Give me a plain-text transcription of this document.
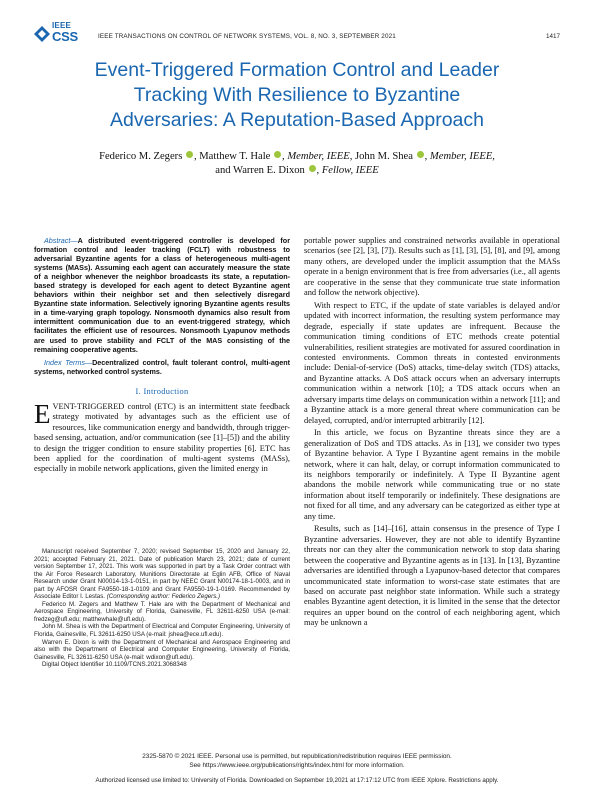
IEEE
CSS	IEEE TRANSACTIONS ON CONTROL OF NETWORK SYSTEMS, VOL. 8, NO. 3, SEPTEMBER 2021	1417
Event-Triggered Formation Control and Leader
Tracking With Resilience to Byzantine
Adversaries: A Reputation-Based Approach
Federico M. Zegers , Matthew T. Hale , Member, IEEE, John M. Shea , Member, IEEE,
and Warren E. Dixon , Fellow, IEEE

Abstract—A distributed event-triggered controller is developed for formation control and leader tracking (FCLT) with robustness to adversarial Byzantine agents for a class of heterogeneous multi-agent systems (MASs). Assuming each agent can accurately measure the state of a neighbor whenever the neighbor broadcasts its state, a reputation-based strategy is developed for each agent to detect Byzantine agent behaviors within their neighbor set and then selectively disregard Byzantine state information. Selectively ignoring Byzantine agents results in a time-varying graph topology. Nonsmooth dynamics also result from intermittent communication due to an event-triggered strategy, which facilitates the efficient use of resources. Nonsmooth Lyapunov methods are used to prove stability and FCLT of the MAS consisting of the remaining cooperative agents.

Index Terms—Decentralized control, fault tolerant control, multi-agent systems, networked control systems.

I. Introduction

EVENT-TRIGGERED control (ETC) is an intermittent state feedback strategy motivated by advantages such as the efficient use of resources, like communication energy and bandwidth, through trigger-based sensing, actuation, and/or communication (see [1]–[5]) and the ability to design the trigger condition to ensure stability properties [6]. ETC has been applied for the coordination of multi-agent systems (MASs), especially in mobile network applications, given the limited energy in

Manuscript received September 7, 2020; revised September 15, 2020 and January 22, 2021; accepted February 21, 2021. Date of publication March 23, 2021; date of current version September 17, 2021. This work was supported in part by a Task Order contract with the Air Force Research Laboratory, Munitions Directorate at Eglin AFB, Office of Naval Research under Grant N00014-13-1-0151, in part by NEEC Grant N00174-18-1-0003, and in part by AFOSR Grant FA9550-18-1-0109 and Grant FA9550-19-1-0169. Recommended by Associate Editor I. Lestas. (Corresponding author: Federico Zegers.)

Federico M. Zegers and Matthew T. Hale are with the Department of Mechanical and Aerospace Engineering, University of Florida, Gainesville, FL 32611-6250 USA (e-mail: fredzeg@ufl.edu; matthewhale@ufl.edu).

John M. Shea is with the Department of Electrical and Computer Engineering, University of Florida, Gainesville, FL 32611-6250 USA (e-mail: jshea@ece.ufl.edu).

Warren E. Dixon is with the Department of Mechanical and Aerospace Engineering and also with the Department of Electrical and Computer Engineering, University of Florida, Gainesville, FL 32611-6250 USA (e-mail: wdixon@ufl.edu).

Digital Object Identifier 10.1109/TCNS.2021.3068348

portable power supplies and constrained networks available in operational scenarios (see [2], [3], [7]). Results such as [1], [3], [5], [8], and [9], among many others, are developed under the implicit assumption that the MASs operate in a benign environment that is free from adversaries (i.e., all agents are cooperative in the sense that they communicate true state information and follow the network objective).

With respect to ETC, if the update of state variables is delayed and/or updated with incorrect information, the resulting system performance may degrade, especially if state updates are infrequent. Because the communication timing conditions of ETC methods create potential vulnerabilities, resilient strategies are motivated for assured coordination in contested environments. Common threats in contested environments include: Denial-of-service (DoS) attacks, time-delay switch (TDS) attacks, and Byzantine attacks. A DoS attack occurs when an adversary interrupts communication within a network [10]; a TDS attack occurs when an adversary imparts time delays on communication within a network [11]; and a Byzantine attack is a more general threat where communication can be delayed, corrupted, and/or interrupted arbitrarily [12].

In this article, we focus on Byzantine threats since they are a generalization of DoS and TDS attacks. As in [13], we consider two types of Byzantine behavior. A Type I Byzantine agent remains in the mobile network, where it can halt, delay, or corrupt information communicated to its neighbors temporarily or indefinitely. A Type II Byzantine agent abandons the mobile network while communicating true or no state information about itself temporarily or indefinitely. These designations are not fixed for all time, and any adversary can be categorized as either type at any time.

Results, such as [14]–[16], attain consensus in the presence of Type I Byzantine adversaries. However, they are not able to identify Byzantine threats nor can they alter the communication network to stop data sharing between the cooperative and Byzantine agents as in [13]. In [13], Byzantine adversaries are identified through a Lyapunov-based detector that compares uncommunicated state information to worst-case state estimates that are based on accurate past neighbor state information. While such a strategy enables Byzantine agent detection, it is limited in the sense that the detector requires an upper bound on the control of each neighboring agent, which may be unknown a

2325-5870 © 2021 IEEE. Personal use is permitted, but republication/redistribution requires IEEE permission.
See https://www.ieee.org/publications/rights/index.html for more information.
Authorized licensed use limited to: University of Florida. Downloaded on September 19,2021 at 17:17:12 UTC from IEEE Xplore. Restrictions apply.
